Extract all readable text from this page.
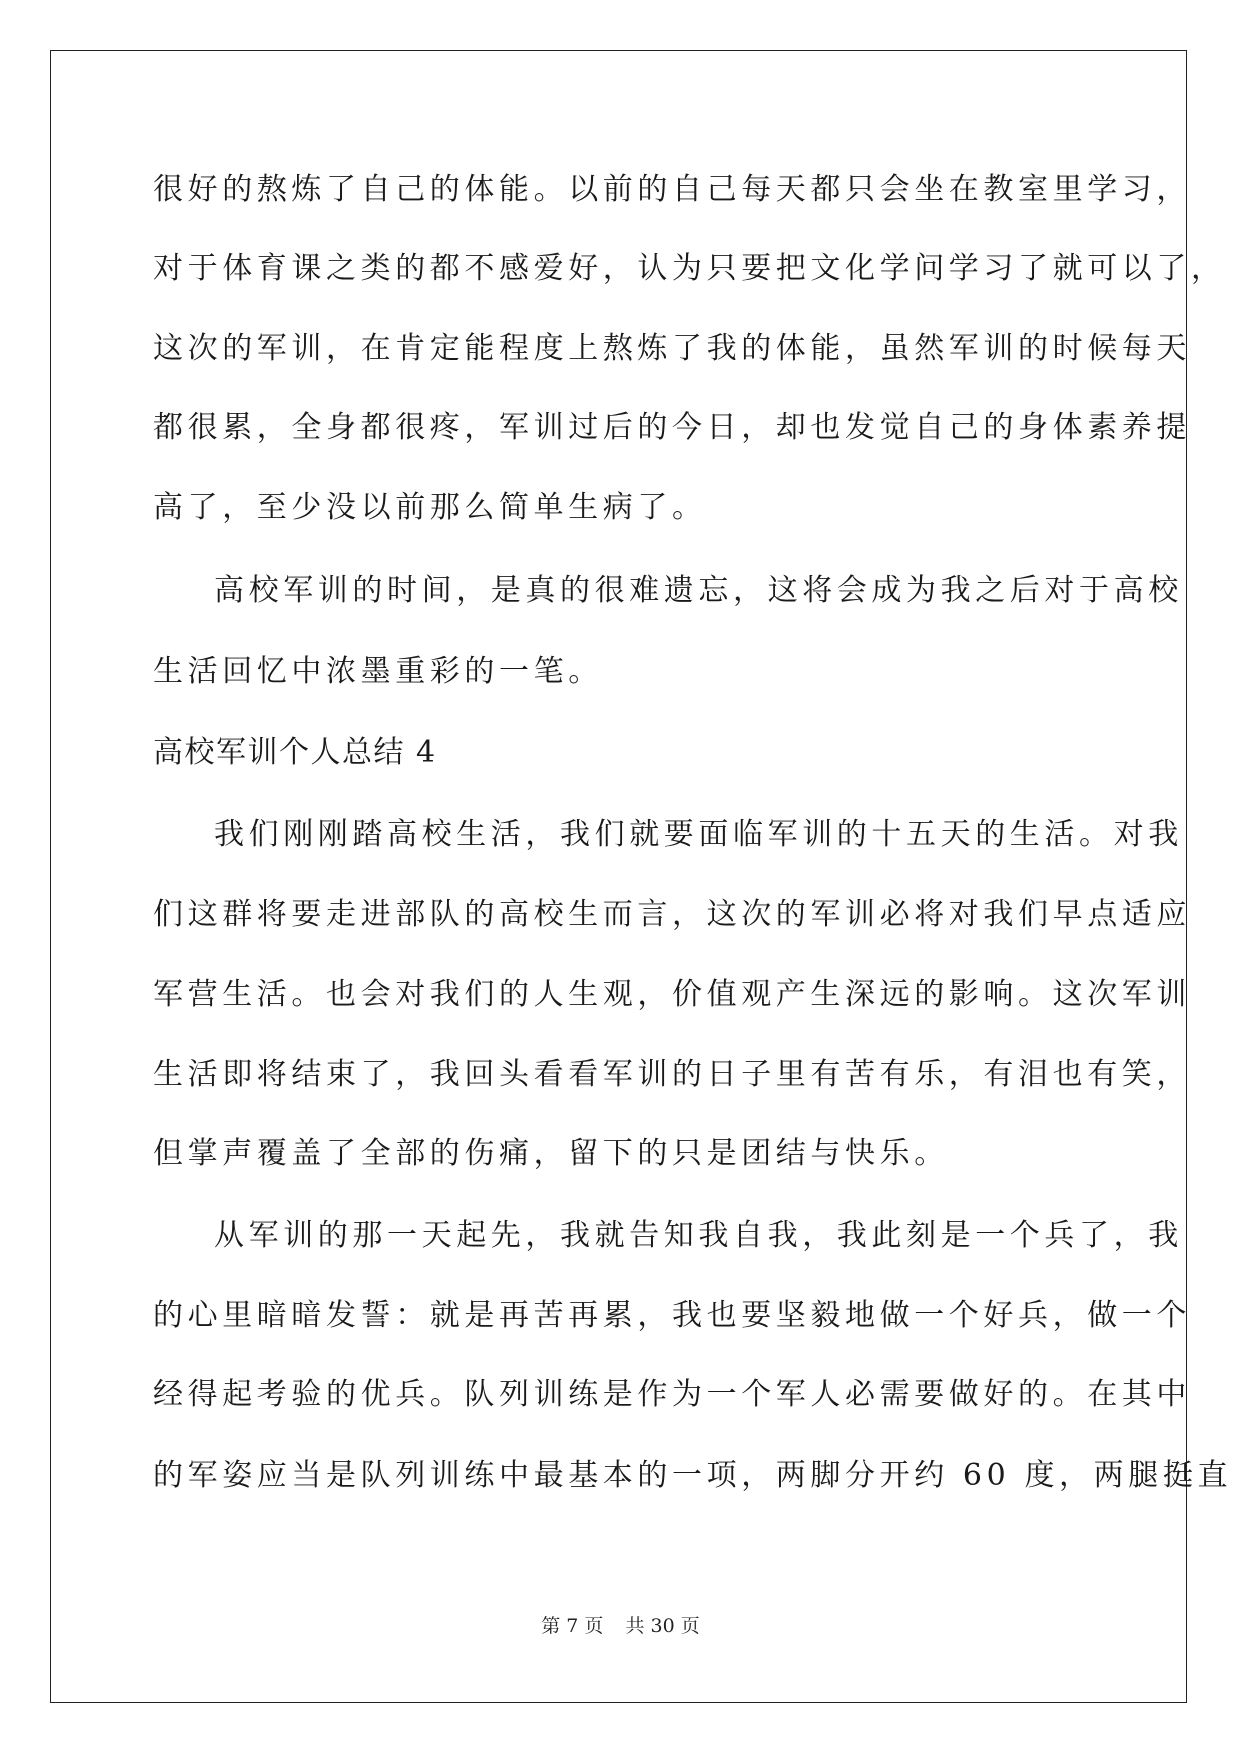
很好的熬炼了自己的体能。以前的自己每天都只会坐在教室里学习，
对于体育课之类的都不感爱好，认为只要把文化学问学习了就可以了，
这次的军训，在肯定能程度上熬炼了我的体能，虽然军训的时候每天
都很累，全身都很疼，军训过后的今日，却也发觉自己的身体素养提
高了，至少没以前那么简单生病了。
高校军训的时间，是真的很难遗忘，这将会成为我之后对于高校
生活回忆中浓墨重彩的一笔。
高校军训个人总结 4
我们刚刚踏高校生活，我们就要面临军训的十五天的生活。对我
们这群将要走进部队的高校生而言，这次的军训必将对我们早点适应
军营生活。也会对我们的人生观，价值观产生深远的影响。这次军训
生活即将结束了，我回头看看军训的日子里有苦有乐，有泪也有笑，
但掌声覆盖了全部的伤痛，留下的只是团结与快乐。
从军训的那一天起先，我就告知我自我，我此刻是一个兵了，我
的心里暗暗发誓：就是再苦再累，我也要坚毅地做一个好兵，做一个
经得起考验的优兵。队列训练是作为一个军人必需要做好的。在其中
的军姿应当是队列训练中最基本的一项，两脚分开约 60 度，两腿挺直
第 7 页 共 30 页
